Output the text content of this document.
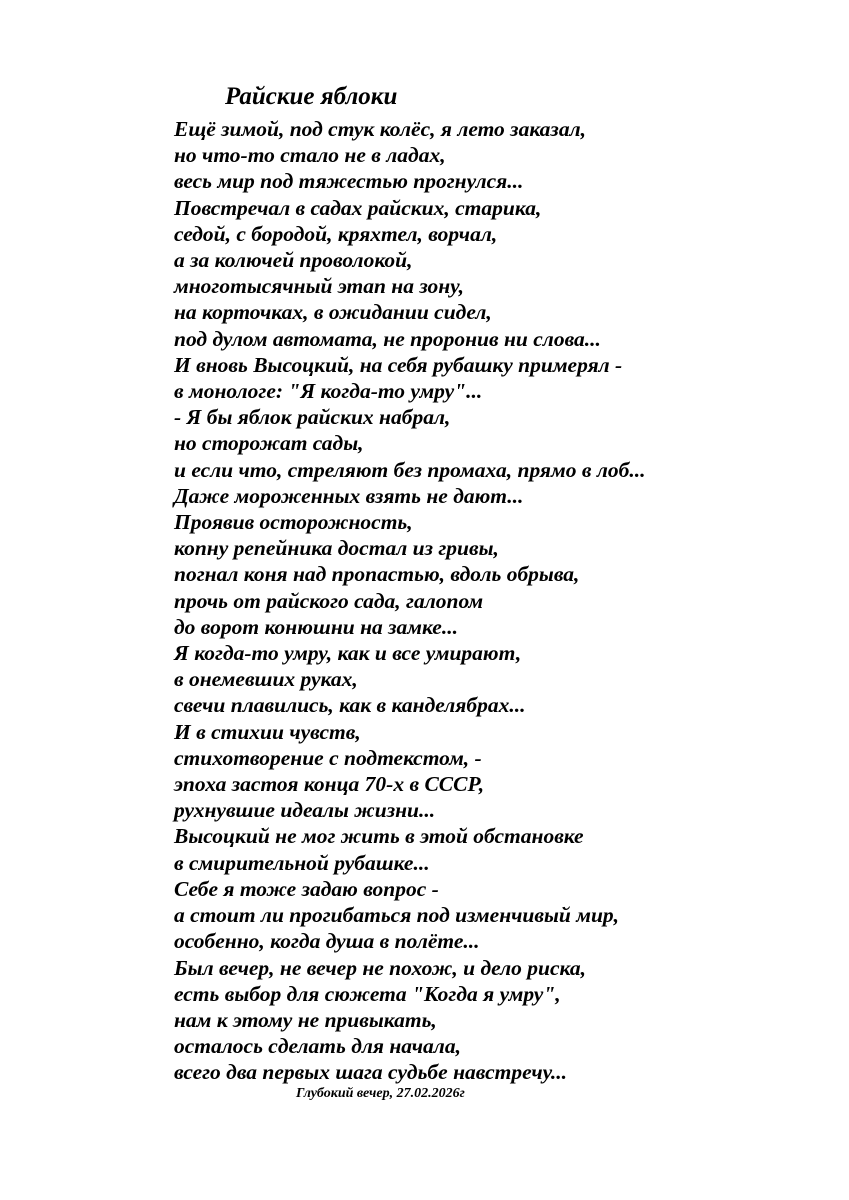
Райские яблоки
Ещё зимой, под стук колёс, я лето заказал,
но что-то стало не в ладах,
весь мир под тяжестью прогнулся...
Повстречал в садах райских, старика,
седой, с бородой, кряхтел, ворчал,
а за колючей проволокой,
многотысячный этап на зону,
на корточках, в ожидании сидел,
под дулом автомата, не проронив ни слова...
И вновь Высоцкий, на себя рубашку примерял -
в монологе: "Я когда-то умру"...
- Я бы яблок райских набрал,
но сторожат сады,
и если что, стреляют без промаха, прямо в лоб...
Даже мороженных взять не дают...
Проявив осторожность,
копну репейника достал из гривы,
погнал коня над пропастью, вдоль обрыва,
прочь от райского сада, галопом
до ворот конюшни на замке...
Я когда-то умру, как и все умирают,
в онемевших руках,
свечи плавились, как в канделябрах...
И в стихии чувств,
стихотворение с подтекстом, -
эпоха застоя конца 70-х в СССР,
рухнувшие идеалы жизни...
Высоцкий не мог жить в этой обстановке
в смирительной рубашке...
Себе я тоже задаю вопрос -
а стоит ли прогибаться под изменчивый мир,
особенно, когда душа в полёте...
Был вечер, не вечер не похож, и дело риска,
есть выбор для сюжета "Когда я умру",
нам к этому не привыкать,
осталось сделать для начала,
всего два первых шага судьбе навстречу...
Глубокий вечер, 27.02.2026г
